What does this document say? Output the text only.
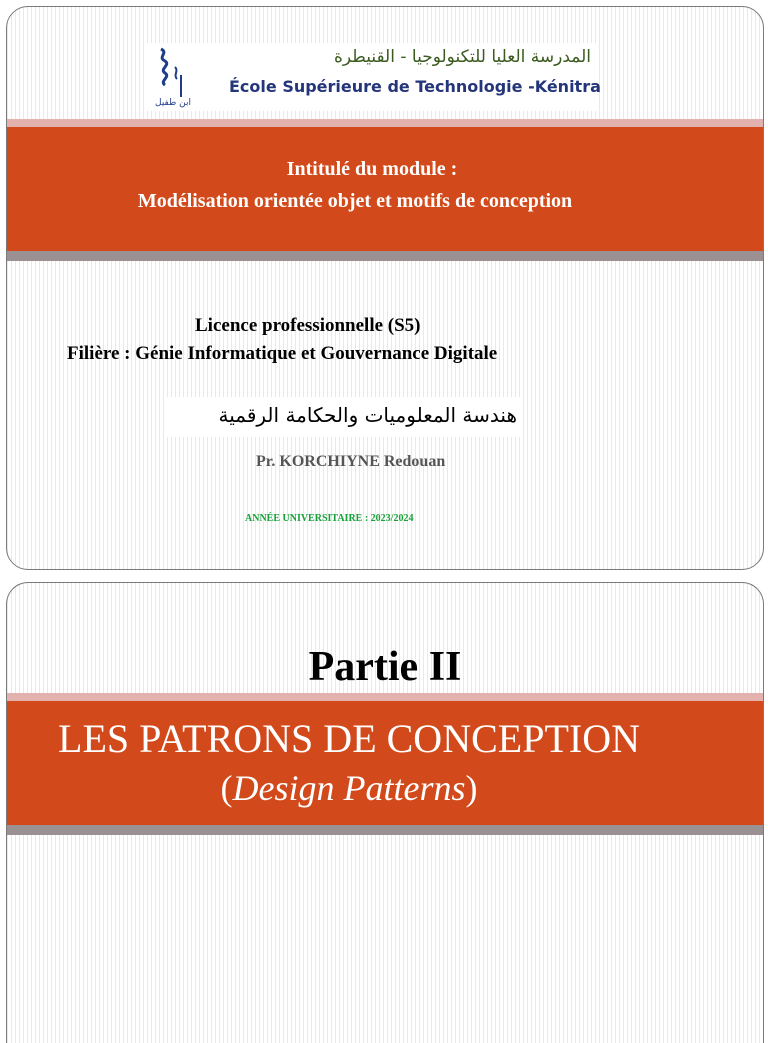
ابن طفيل
المدرسة العليا للتكنولوجيا - القنيطرة
École Supérieure de Technologie -Kénitra
Intitulé du module :
Modélisation orientée objet et motifs de conception
Licence professionnelle (S5)
Filière : Génie Informatique et Gouvernance Digitale
هندسة المعلوميات والحكامة الرقمية
Pr. KORCHIYNE Redouan
ANNÉE UNIVERSITAIRE : 2023/2024
Partie II
LES PATRONS DE CONCEPTION
(Design Patterns)
